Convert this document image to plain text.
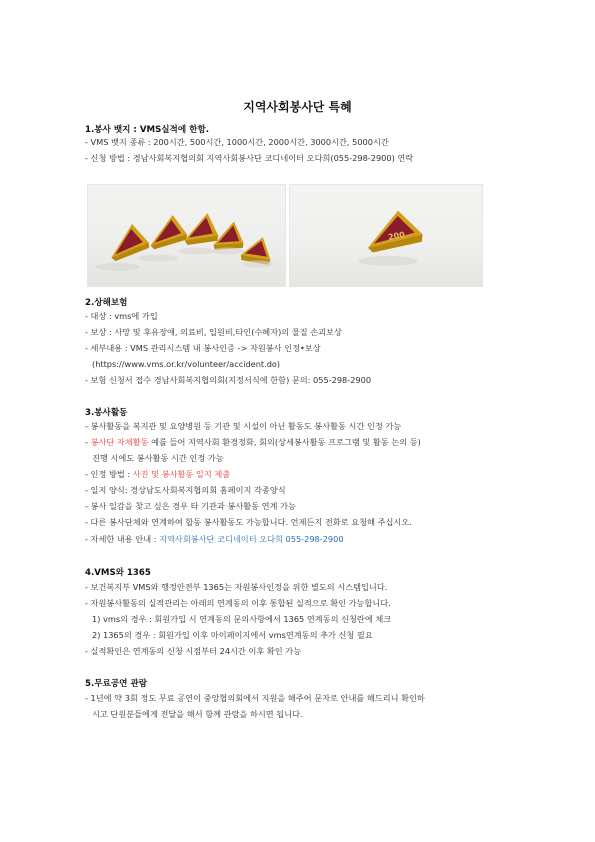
지역사회봉사단 특혜
1.봉사 뱃지 : VMS실적에 한함.
- VMS 뱃지 종류 : 200시간, 500시간, 1000시간, 2000시간, 3000시간, 5000시간
- 신청 방법 : 경남사회복지협의회 지역사회봉사단 코디네이터 오다희(055-298-2900) 연락
200
2.상해보험
- 대상 : vms에 가입
- 보상 : 사망 및 후유장애, 의료비, 입원비,타인(수혜자)의 물질 손괴보상
- 세부내용 : VMS 관리시스템 내 봉사인증 -> 자원봉사 인정•보상
(https://www.vms.or.kr/volunteer/accident.do)
- 보험 신청서 접수 경남사회복지협의회(지정서식에 한함) 문의: 055-298-2900
3.봉사활동
- 봉사활동을 복지관 및 요양병원 등 기관 및 시설이 아닌 활동도 봉사활동 시간 인정 가능
- 봉사단 자체활동 예를 들어 지역사회 환경정화, 회의(상세봉사활동 프로그램 및 활동 논의 등)
진행 시에도 봉사활동 시간 인정 가능
- 인정 방법 : 사진 및 봉사활동 일지 제출
- 일지 양식: 경상남도사회복지협의회 홈페이지 각종양식
- 봉사 일감을 찾고 싶은 경우 타 기관과 봉사활동 연계 가능
- 다른 봉사단체와 연계하여 합동 봉사활동도 가능합니다. 언제든지 전화로 요청해 주십시오.
- 자세한 내용 안내 : 지역사회봉사단 코디네이터 오다희 055-298-2900
4.VMS와 1365
- 보건복지부 VMS와 행정안전부 1365는 자원봉사인정을 위한 별도의 시스템입니다.
- 자원봉사활동의 실적관리는 아래의 연계동의 이후 통합된 실적으로 확인 가능합니다.
1) vms의 경우 : 회원가입 시 연계동의 문의사항에서 1365 연계동의 신청란에 체크
2) 1365의 경우 : 회원가입 이후 마이페이지에서 vms연계동의 추가 신청 필요
- 실적확인은 연계동의 신청 시점부터 24시간 이후 확인 가능
5.무료공연 관람
- 1년에 약 3회 정도 무료 공연이 중앙협의회에서 지원을 해주어 문자로 안내를 해드리니 확인하
시고 단원분들에게 전달을 해서 함께 관람을 하시면 됩니다.
